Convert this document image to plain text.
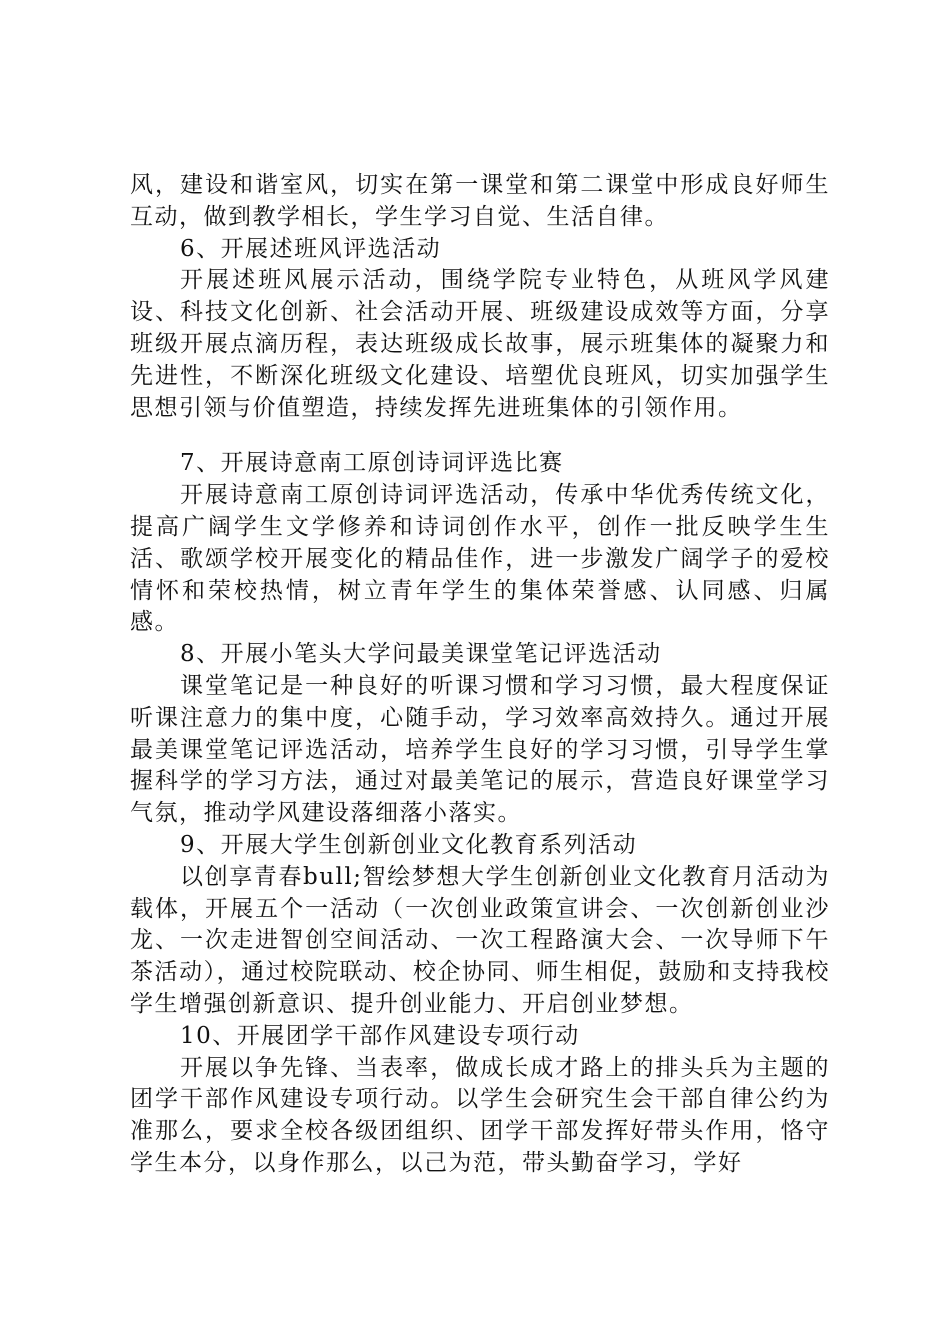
风，建设和谐室风，切实在第一课堂和第二课堂中形成良好师生互动，做到教学相长，学生学习自觉、生活自律。

6、开展述班风评选活动

开展述班风展示活动，围绕学院专业特色，从班风学风建设、科技文化创新、社会活动开展、班级建设成效等方面，分享班级开展点滴历程，表达班级成长故事，展示班集体的凝聚力和先进性，不断深化班级文化建设、培塑优良班风，切实加强学生思想引领与价值塑造，持续发挥先进班集体的引领作用。

7、开展诗意南工原创诗词评选比赛

开展诗意南工原创诗词评选活动，传承中华优秀传统文化，提高广阔学生文学修养和诗词创作水平，创作一批反映学生生活、歌颂学校开展变化的精品佳作，进一步激发广阔学子的爱校情怀和荣校热情，树立青年学生的集体荣誉感、认同感、归属感。

8、开展小笔头大学问最美课堂笔记评选活动

课堂笔记是一种良好的听课习惯和学习习惯，最大程度保证听课注意力的集中度，心随手动，学习效率高效持久。通过开展最美课堂笔记评选活动，培养学生良好的学习习惯，引导学生掌握科学的学习方法，通过对最美笔记的展示，营造良好课堂学习气氛，推动学风建设落细落小落实。

9、开展大学生创新创业文化教育系列活动

以创享青春bull;智绘梦想大学生创新创业文化教育月活动为载体，开展五个一活动（一次创业政策宣讲会、一次创新创业沙龙、一次走进智创空间活动、一次工程路演大会、一次导师下午茶活动），通过校院联动、校企协同、师生相促，鼓励和支持我校学生增强创新意识、提升创业能力、开启创业梦想。

10、开展团学干部作风建设专项行动

开展以争先锋、当表率，做成长成才路上的排头兵为主题的团学干部作风建设专项行动。以学生会研究生会干部自律公约为准那么，要求全校各级团组织、团学干部发挥好带头作用，恪守学生本分，以身作那么，以己为范，带头勤奋学习，学好
